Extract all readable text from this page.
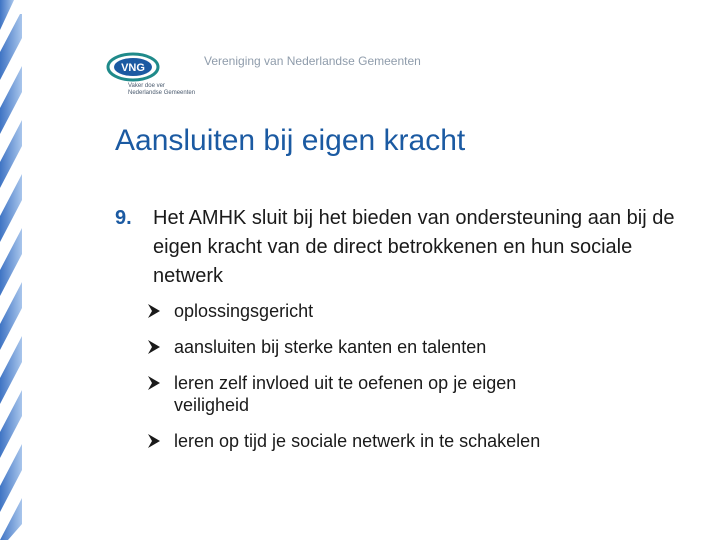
Vereniging van Nederlandse Gemeenten
VNG
Vaker doe ver
Nederlandse Gemeenten
Aansluiten bij eigen kracht
9. Het AMHK sluit bij het bieden van ondersteuning aan bij de eigen kracht van de direct betrokkenen en hun sociale netwerk
oplossingsgericht
aansluiten bij sterke kanten en talenten
leren zelf invloed uit te oefenen op je eigen veiligheid
leren op tijd je sociale netwerk in te schakelen
